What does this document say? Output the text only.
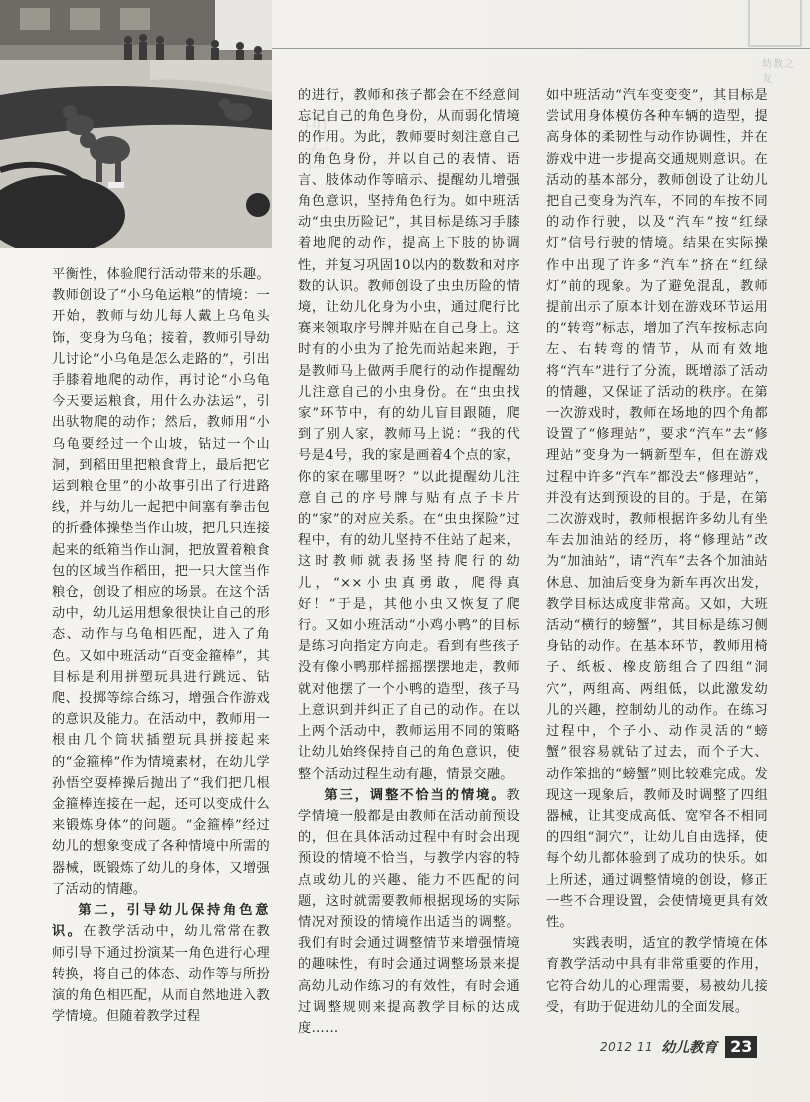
幼教之友
所在

平衡性，体验爬行活动带来的乐趣。教师创设了“小乌龟运粮”的情境：一开始，教师与幼儿每人戴上乌龟头饰，变身为乌龟；接着，教师引导幼儿讨论“小乌龟是怎么走路的”，引出手膝着地爬的动作，再讨论“小乌龟今天要运粮食，用什么办法运”，引出驮物爬的动作；然后，教师用“小乌龟要经过一个山坡，钻过一个山洞，到稻田里把粮食背上，最后把它运到粮仓里”的小故事引出了行进路线，并与幼儿一起把中间塞有拳击包的折叠体操垫当作山坡，把几只连接起来的纸箱当作山洞，把放置着粮食包的区域当作稻田，把一只大筐当作粮仓，创设了相应的场景。在这个活动中，幼儿运用想象很快让自己的形态、动作与乌龟相匹配，进入了角色。又如中班活动“百变金箍棒”，其目标是利用拼塑玩具进行跳远、钻爬、投掷等综合练习，增强合作游戏的意识及能力。在活动中，教师用一根由几个筒状插塑玩具拼接起来的“金箍棒”作为情境素材，在幼儿学孙悟空耍棒操后抛出了“我们把几根金箍棒连接在一起，还可以变成什么来锻炼身体”的问题。“金箍棒”经过幼儿的想象变成了各种情境中所需的器械，既锻炼了幼儿的身体，又增强了活动的情趣。

第二，引导幼儿保持角色意识。在教学活动中，幼儿常常在教师引导下通过扮演某一角色进行心理转换，将自己的体态、动作等与所扮演的角色相匹配，从而自然地进入教学情境。但随着教学过程

的进行，教师和孩子都会在不经意间忘记自己的角色身份，从而弱化情境的作用。为此，教师要时刻注意自己的角色身份，并以自己的表情、语言、肢体动作等暗示、提醒幼儿增强角色意识，坚持角色行为。如中班活动“虫虫历险记”，其目标是练习手膝着地爬的动作，提高上下肢的协调性，并复习巩固10以内的数数和对序数的认识。教师创设了虫虫历险的情境，让幼儿化身为小虫，通过爬行比赛来领取序号牌并贴在自己身上。这时有的小虫为了抢先而站起来跑，于是教师马上做两手爬行的动作提醒幼儿注意自己的小虫身份。在“虫虫找家”环节中，有的幼儿盲目跟随，爬到了别人家，教师马上说：“我的代号是4号，我的家是画着4个点的家，你的家在哪里呀？”以此提醒幼儿注意自己的序号牌与贴有点子卡片的“家”的对应关系。在“虫虫探险”过程中，有的幼儿坚持不住站了起来，这时教师就表扬坚持爬行的幼儿，“××小虫真勇敢，爬得真好！”于是，其他小虫又恢复了爬行。又如小班活动“小鸡小鸭”的目标是练习向指定方向走。看到有些孩子没有像小鸭那样摇摇摆摆地走，教师就对他摆了一个小鸭的造型，孩子马上意识到并纠正了自己的动作。在以上两个活动中，教师运用不同的策略让幼儿始终保持自己的角色意识，使整个活动过程生动有趣，情景交融。

第三，调整不恰当的情境。教学情境一般都是由教师在活动前预设的，但在具体活动过程中有时会出现预设的情境不恰当，与教学内容的特点或幼儿的兴趣、能力不匹配的问题，这时就需要教师根据现场的实际情况对预设的情境作出适当的调整。我们有时会通过调整情节来增强情境的趣味性，有时会通过调整场景来提高幼儿动作练习的有效性，有时会通过调整规则来提高教学目标的达成度……

如中班活动“汽车变变变”，其目标是尝试用身体模仿各种车辆的造型，提高身体的柔韧性与动作协调性，并在游戏中进一步提高交通规则意识。在活动的基本部分，教师创设了让幼儿把自己变身为汽车，不同的车按不同的动作行驶，以及“汽车”按“红绿灯”信号行驶的情境。结果在实际操作中出现了许多“汽车”挤在“红绿灯”前的现象。为了避免混乱，教师提前出示了原本计划在游戏环节运用的“转弯”标志，增加了汽车按标志向左、右转弯的情节，从而有效地将“汽车”进行了分流，既增添了活动的情趣，又保证了活动的秩序。在第一次游戏时，教师在场地的四个角都设置了“修理站”，要求“汽车”去“修理站”变身为一辆新型车，但在游戏过程中许多“汽车”都没去“修理站”，并没有达到预设的目的。于是，在第二次游戏时，教师根据许多幼儿有坐车去加油站的经历，将“修理站”改为“加油站”，请“汽车”去各个加油站休息、加油后变身为新车再次出发，教学目标达成度非常高。又如，大班活动“横行的螃蟹”，其目标是练习侧身钻的动作。在基本环节，教师用椅子、纸板、橡皮筋组合了四组“洞穴”，两组高、两组低，以此激发幼儿的兴趣，控制幼儿的动作。在练习过程中，个子小、动作灵活的“螃蟹”很容易就钻了过去，而个子大、动作笨拙的“螃蟹”则比较难完成。发现这一现象后，教师及时调整了四组器械，让其变成高低、宽窄各不相同的四组“洞穴”，让幼儿自由选择，使每个幼儿都体验到了成功的快乐。如上所述，通过调整情境的创设，修正一些不合理设置，会使情境更具有效性。

实践表明，适宜的教学情境在体育教学活动中具有非常重要的作用，它符合幼儿的心理需要，易被幼儿接受，有助于促进幼儿的全面发展。

2012 11 幼儿教育 23
